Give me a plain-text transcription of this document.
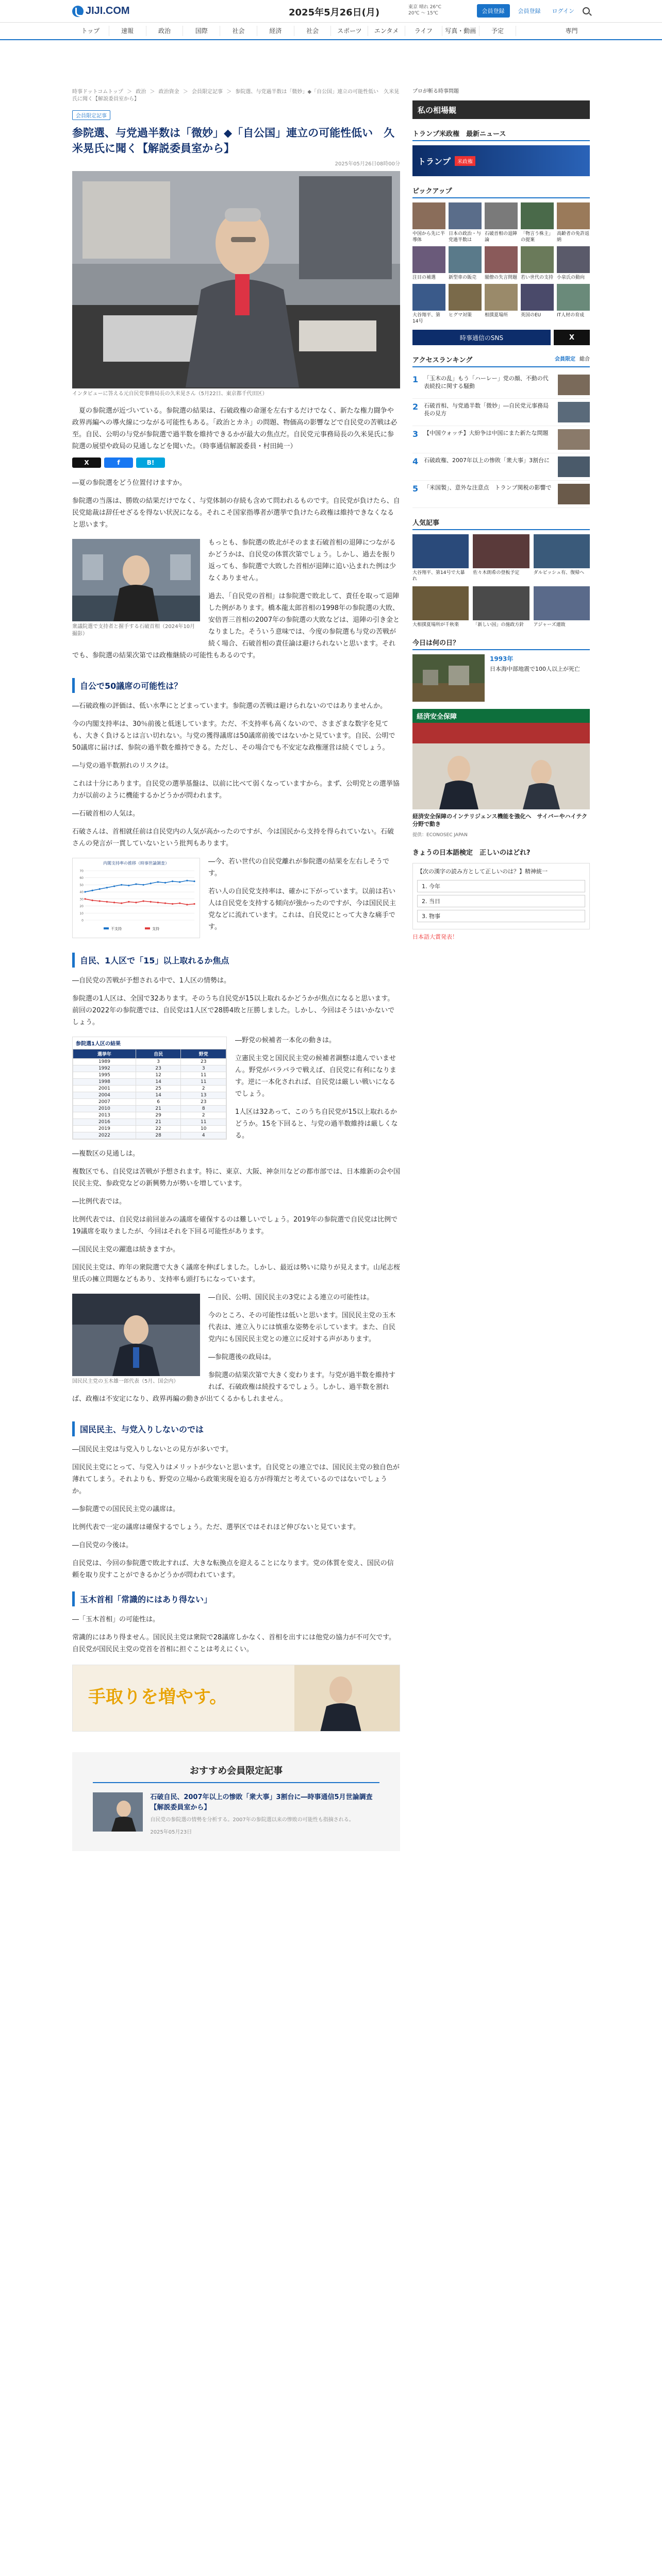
JIJI.COM	2025年5月26日(月)	東京 晴れ 26°C
20℃ 〜 15℃	会員登録	会員登録	ログイン
トップ	速報	政治	国際	社会	経済	社会	スポーツ	エンタメ	ライフ	写真・動画	予定	専門
時事ドットコムトップ ＞ 政治 ＞ 政治資金 ＞ 会員限定記事 ＞ 参院選、与党過半数は「微妙」◆「自公国」連立の可能性低い　久米晃氏に聞く【解説委員室から】
会員限定記事
参院選、与党過半数は「微妙」◆「自公国」連立の可能性低い　久米晃氏に聞く【解説委員室から】
2025年05月26日08時00分
インタビューに答える元自民党事務局長の久米晃さん（5月22日、東京都千代田区）

夏の参院選が近づいている。参院選の結果は、石破政権の命運を左右するだけでなく、新たな権力闘争や政界再編への導火線につながる可能性もある。「政治とカネ」の問題、物価高の影響などで自民党の苦戦は必至。自民、公明の与党が参院選で過半数を維持できるかが最大の焦点だ。自民党元事務局長の久米晃氏に参院選の展望や政局の見通しなどを聞いた。（時事通信解説委員・村田純一）

X	f	B!

―夏の参院選をどう位置付けますか。

参院選の当落は、勝敗の結果だけでなく、与党体制の存続も含めて問われるものです。自民党が負けたら、自民党総裁は辞任せざるを得ない状況になる。それこそ国家指導者が選挙で負けたら政権は維持できなくなると思います。

衆議院選で支持者と握手する石破首相（2024年10月撮影）

もっとも、参院選の敗北がそのまま石破首相の退陣につながるかどうかは、自民党の体質次第でしょう。しかし、過去を振り返っても、参院選で大敗した首相が退陣に追い込まれた例は少なくありません。

過去、「自民党の首相」は参院選で敗北して、責任を取って退陣した例があります。橋本龍太郎首相の1998年の参院選の大敗、安倍晋三首相の2007年の参院選の大敗などは、退陣の引き金となりました。そういう意味では、今度の参院選も与党の苦戦が続く場合、石破首相の責任論は避けられないと思います。それでも、参院選の結果次第では政権継続の可能性もあるのです。

自公で50議席の可能性は？

―石破政権の評価は、低い水準にとどまっています。参院選の苦戦は避けられないのではありませんか。

今の内閣支持率は、30％前後と低迷しています。ただ、不支持率も高くないので、さまざまな数字を見ても、大きく負けるとは言い切れない。与党の獲得議席は50議席前後ではないかと見ています。自民、公明で50議席に届けば、参院の過半数を維持できる。ただし、その場合でも不安定な政権運営は続くでしょう。

―与党の過半数割れのリスクは。

これは十分にあります。自民党の選挙基盤は、以前に比べて弱くなっていますから。まず、公明党との選挙協力が以前のように機能するかどうかが問われます。

―石破首相の人気は。

石破さんは、首相就任前は自民党内の人気が高かったのですが、今は国民から支持を得られていない。石破さんの発言が一貫していないという批判もあります。

内閣支持率の推移（時事世論調査）
0
10
20
30
40
50
60
70
不支持	支持

―今、若い世代の自民党離れが参院選の結果を左右しそうです。

若い人の自民党支持率は、確かに下がっています。以前は若い人は自民党を支持する傾向が強かったのですが、今は国民民主党などに流れています。これは、自民党にとって大きな痛手です。

自民、1人区で「15」以上取れるか焦点

―自民党の苦戦が予想される中で、1人区の情勢は。

参院選の1人区は、全国で32あります。そのうち自民党が15以上取れるかどうかが焦点になると思います。前回の2022年の参院選では、自民党は1人区で28勝4敗と圧勝しました。しかし、今回はそうはいかないでしょう。

参院選1人区の結果
選挙年	自民	野党
1989	3	23
1992	23	3
1995	12	11
1998	14	11
2001	25	2
2004	14	13
2007	6	23
2010	21	8
2013	29	2
2016	21	11
2019	22	10
2022	28	4

―野党の候補者一本化の動きは。

立憲民主党と国民民主党の候補者調整は進んでいません。野党がバラバラで戦えば、自民党に有利になります。逆に一本化されれば、自民党は厳しい戦いになるでしょう。

1人区は32あって、このうち自民党が15以上取れるかどうか。15を下回ると、与党の過半数維持は厳しくなる。

―複数区の見通しは。

複数区でも、自民党は苦戦が予想されます。特に、東京、大阪、神奈川などの都市部では、日本維新の会や国民民主党、参政党などの新興勢力が勢いを増しています。

―比例代表では。

比例代表では、自民党は前回並みの議席を確保するのは難しいでしょう。2019年の参院選で自民党は比例で19議席を取りましたが、今回はそれを下回る可能性があります。

―国民民主党の躍進は続きますか。

国民民主党は、昨年の衆院選で大きく議席を伸ばしました。しかし、最近は勢いに陰りが見えます。山尾志桜里氏の擁立問題などもあり、支持率も頭打ちになっています。

国民民主党の玉木雄一郎代表（5月、国会内）

―自民、公明、国民民主の3党による連立の可能性は。

今のところ、その可能性は低いと思います。国民民主党の玉木代表は、連立入りには慎重な姿勢を示しています。また、自民党内にも国民民主党との連立に反対する声があります。

―参院選後の政局は。

参院選の結果次第で大きく変わります。与党が過半数を維持すれば、石破政権は続投するでしょう。しかし、過半数を割れば、政権は不安定になり、政界再編の動きが出てくるかもしれません。

国民民主、与党入りしないのでは

―国民民主党は与党入りしないとの見方が多いです。

国民民主党にとって、与党入りはメリットが少ないと思います。自民党との連立では、国民民主党の独自色が薄れてしまう。それよりも、野党の立場から政策実現を迫る方が得策だと考えているのではないでしょうか。

―参院選での国民民主党の議席は。

比例代表で一定の議席は確保するでしょう。ただ、選挙区ではそれほど伸びないと見ています。

―自民党の今後は。

自民党は、今回の参院選で敗北すれば、大きな転換点を迎えることになります。党の体質を変え、国民の信頼を取り戻すことができるかどうかが問われています。

玉木首相「常識的にはあり得ない」

―「玉木首相」の可能性は。

常識的にはあり得ません。国民民主党は衆院で28議席しかなく、首相を出すには他党の協力が不可欠です。自民党が国民民主党の党首を首相に担ぐことは考えにくい。

手取りを増やす。
おすすめ会員限定記事
石破自民、2007年以上の惨敗「衆大事」3割台に―時事通信5月世論調査【解説委員室から】
自民党の参院選の情勢を分析する。2007年の参院選以来の惨敗の可能性も指摘される。
2025年05月23日
プロが斬る時事問題
私の相場観
トランプ米政権　最新ニュース
トランプ	米政権
ピックアップ
中国から先に半導体
日本の政治・与党過半数は
石破首相の退陣論
「物言う株主」の提案
高齢者の免許返納
注目の補選	新型車の販売	閣僚の失言問題 若い世代の支持 小泉氏の動向
大谷翔平、第14号
ヒグマ対策	相撲夏場所	英国のEU	IT人材の育成
時事通信のSNS	X
アクセスランキング	会員限定 総合
1 「玉木の乱」もう「ハーレー」党の顔、不動の代表続投に関する騒動
2 石破首相、与党過半数「微妙」―自民党元事務局長の見方
3 【中国ウォッチ】大紛争は中国にまた新たな問題
4 石破政権、2007年以上の惨敗「衆大事」3割台に
5 「米国製」、意外な注意点　トランプ関税の影響で
人気記事
大谷翔平、第14号で大暴れ
佐々木朗希の登板予定	ダルビッシュ有、復帰へ
大相撲夏場所が千秋楽	「新しい国」の施政方針	アジャーズ連敗
今日は何の日？
1993年
日本海中部地震で100人以上が死亡
経済安全保障
経済安全保障のインテリジェンス機能を強化へ　サイバーやハイテク分野で動き
提供：ECONOSEC JAPAN
きょうの日本語検定　正しいのはどれ?
【次の漢字の読み方として正しいのは？】精神統一
1. 今年
2. 当日
3. 物事
日本語大賞発表！
